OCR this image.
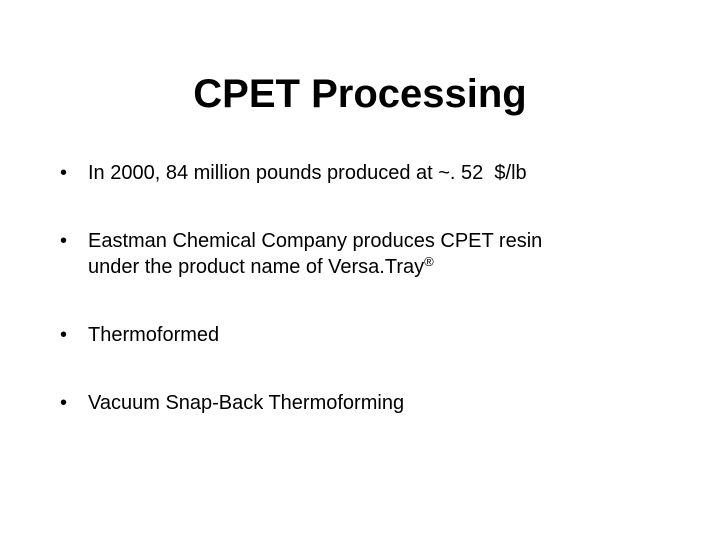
CPET Processing
• In 2000, 84 million pounds produced at ~. 52  $/lb
• Eastman Chemical Company produces CPET resin
under the product name of Versa.Tray®
• Thermoformed
• Vacuum Snap-Back Thermoforming
